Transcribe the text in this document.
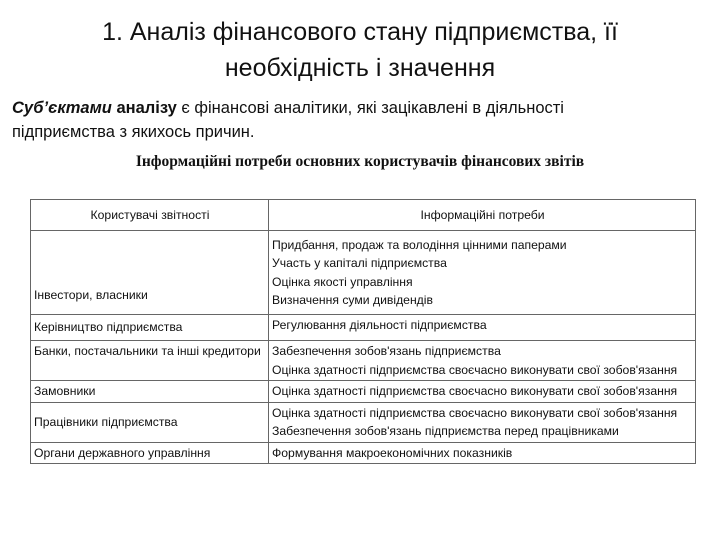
1. Аналіз фінансового стану підприємства, її
необхідність і значення
Суб’єктами аналізу є фінансові аналітики, які зацікавлені в діяльності
підприємства з якихось причин.
Інформаційні потреби основних користувачів фінансових звітів
Користувачі звітності	Інформаційні потреби
Інвестори, власники	Придбання, продаж та володіння цінними паперами
Участь у капіталі підприємства
Оцінка якості управління
Визначення суми дивідендів

Керівництво підприємства	Регулювання діяльності підприємства

Банки, постачальники та інші кредитори	Забезпечення зобов'язань підприємства
Оцінка здатності підприємства своєчасно виконувати свої зобов'язання

Замовники	Оцінка здатності підприємства своєчасно виконувати свої зобов'язання

Працівники підприємства	Оцінка здатності підприємства своєчасно виконувати свої зобов'язання
Забезпечення зобов'язань підприємства перед працівниками

Органи державного управління	Формування макроекономічних показників
